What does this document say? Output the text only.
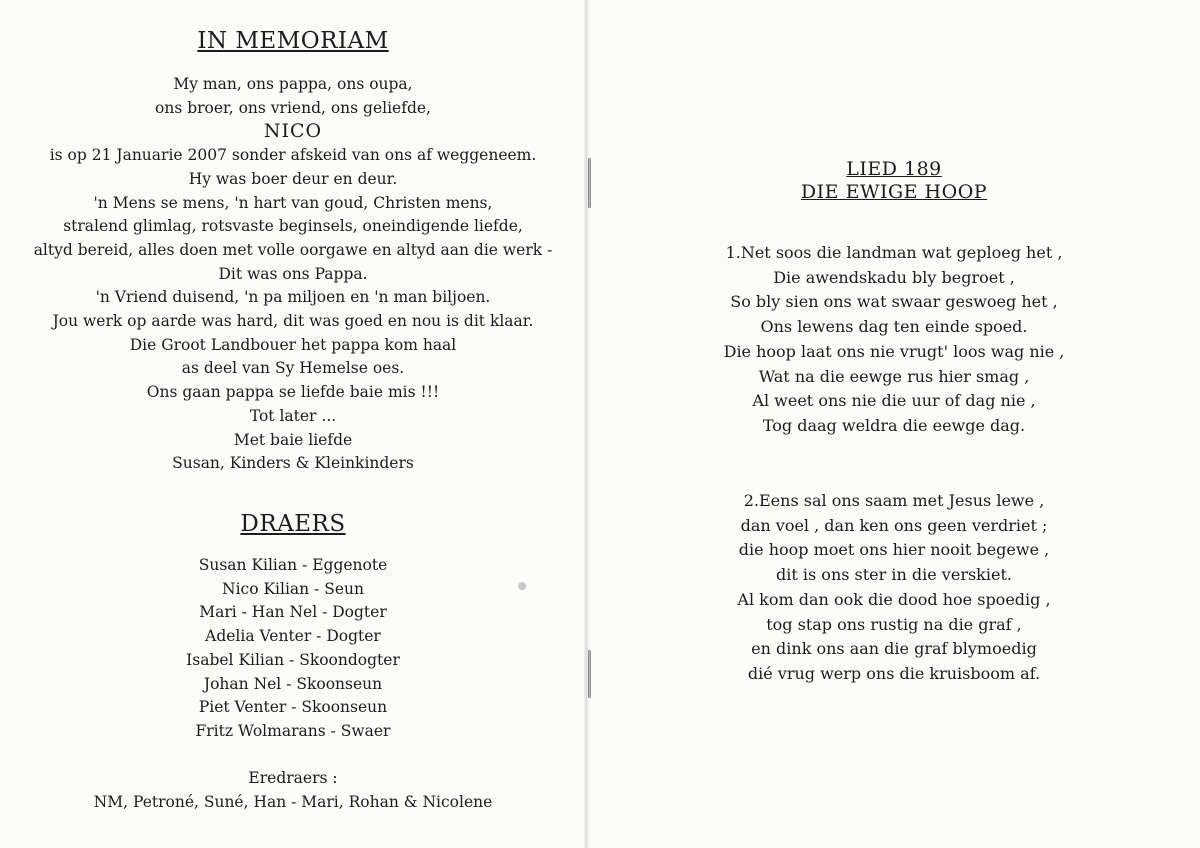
IN MEMORIAM
My man, ons pappa, ons oupa,
ons broer, ons vriend, ons geliefde,
NICO
is op 21 Januarie 2007 sonder afskeid van ons af weggeneem.
Hy was boer deur en deur.
'n Mens se mens, 'n hart van goud, Christen mens,
stralend glimlag, rotsvaste beginsels, oneindigende liefde,
altyd bereid, alles doen met volle oorgawe en altyd aan die werk -
Dit was ons Pappa.
'n Vriend duisend, 'n pa miljoen en 'n man biljoen.
Jou werk op aarde was hard, dit was goed en nou is dit klaar.
Die Groot Landbouer het pappa kom haal
as deel van Sy Hemelse oes.
Ons gaan pappa se liefde baie mis !!!
Tot later ...
Met baie liefde
Susan, Kinders & Kleinkinders
DRAERS
Susan Kilian - Eggenote
Nico Kilian - Seun
Mari - Han Nel - Dogter
Adelia Venter - Dogter
Isabel Kilian - Skoondogter
Johan Nel - Skoonseun
Piet Venter - Skoonseun
Fritz Wolmarans - Swaer
Eredraers :
NM, Petroné, Suné, Han - Mari, Rohan & Nicolene
LIED 189
DIE EWIGE HOOP
1.Net soos die landman wat geploeg het ,
Die awendskadu bly begroet ,
So bly sien ons wat swaar geswoeg het ,
Ons lewens dag ten einde spoed.
Die hoop laat ons nie vrugt' loos wag nie ,
Wat na die eewge rus hier smag ,
Al weet ons nie die uur of dag nie ,
Tog daag weldra die eewge dag.
2.Eens sal ons saam met Jesus lewe ,
dan voel , dan ken ons geen verdriet ;
die hoop moet ons hier nooit begewe ,
dit is ons ster in die verskiet.
Al kom dan ook die dood hoe spoedig ,
tog stap ons rustig na die graf ,
en dink ons aan die graf blymoedig
dié vrug werp ons die kruisboom af.
